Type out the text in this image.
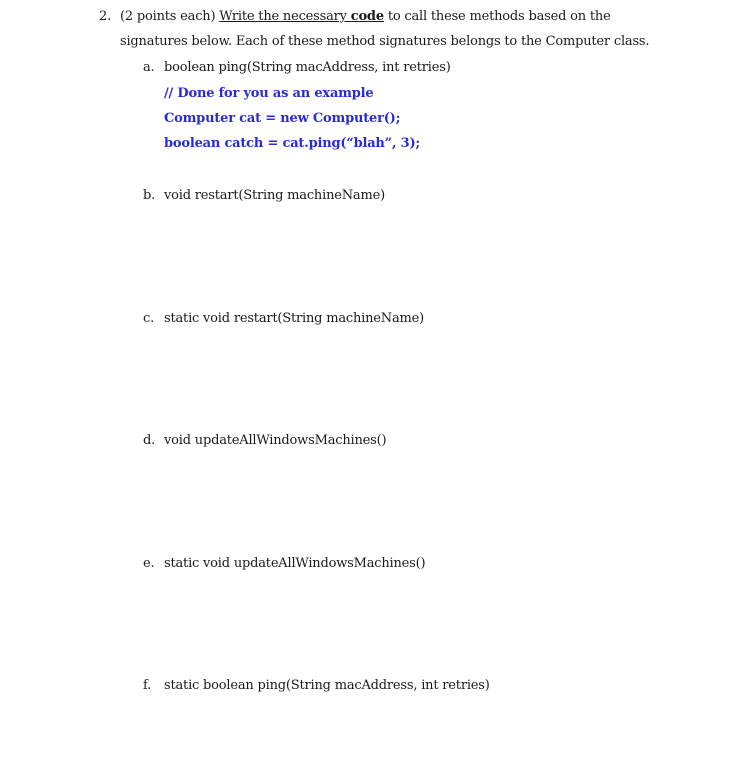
2. (2 points each) Write the necessary code to call these methods based on the
signatures below. Each of these method signatures belongs to the Computer class.
a. boolean ping(String macAddress, int retries)
// Done for you as an example
Computer cat = new Computer();
boolean catch = cat.ping(“blah”, 3);
b. void restart(String machineName)
c. static void restart(String machineName)
d. void updateAllWindowsMachines()
e. static void updateAllWindowsMachines()
f. static boolean ping(String macAddress, int retries)
